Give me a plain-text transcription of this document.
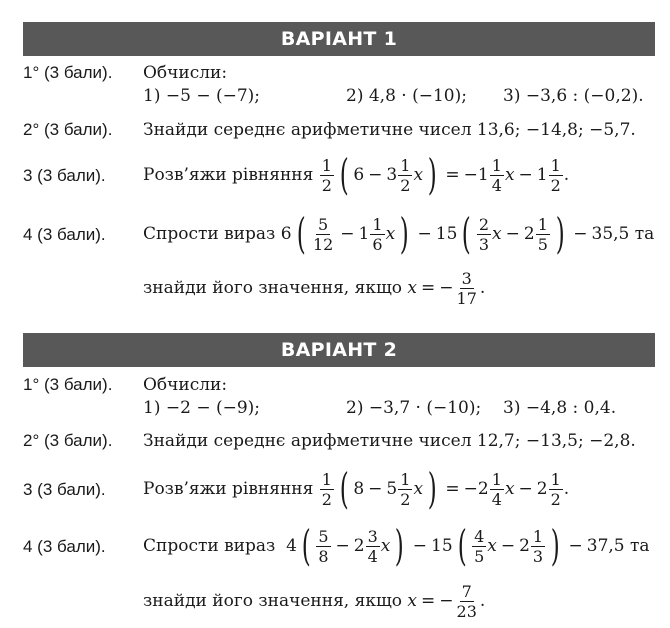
ВАРІАНТ 1
1° (3 бали). Обчисли:
1) −5 − (−7);	2) 4,8 · (−10); 3) −3,6 : (−0,2).
2° (3 бали). Знайди середнє арифметичне чисел 13,6; −14,8; −5,7.
3 (3 бали). Розв’яжи рівняння
$\frac{1}{2}$ ( $6 - 3 \frac{1}{2}$ x ) = − $1 \frac{1}{4}$ $x - 1 \frac{1}{2}$ .
4 (3 бали). Спрости вираз
6 ( $\frac{5}{12} - 1 \frac{1}{6}$ x ) − 15 ( $\frac{2}{3}$ $x - 2 \frac{1}{5}$ ) − 35,5 та
знайди його значення, якщо
x = − $\frac{3}{17}$ .
ВАРІАНТ 2
1° (3 бали). Обчисли:
1) −2 − (−9);	2) −3,7 · (−10); 3) −4,8 : 0,4.
2° (3 бали). Знайди середнє арифметичне чисел 12,7; −13,5; −2,8.
3 (3 бали). Розв’яжи рівняння
$\frac{1}{2}$ ( $8 - 5 \frac{1}{2}$ x ) = − $2 \frac{1}{4}$ $x - 2 \frac{1}{2}$ .
4 (3 бали). Спрости вираз
4 ( $\frac{5}{8} - 2 \frac{3}{4}$ x ) − 15 ( $\frac{4}{5}$ $x - 2 \frac{1}{3}$ ) − 37,5 та
знайди його значення, якщо
x = − $\frac{7}{23}$ .
